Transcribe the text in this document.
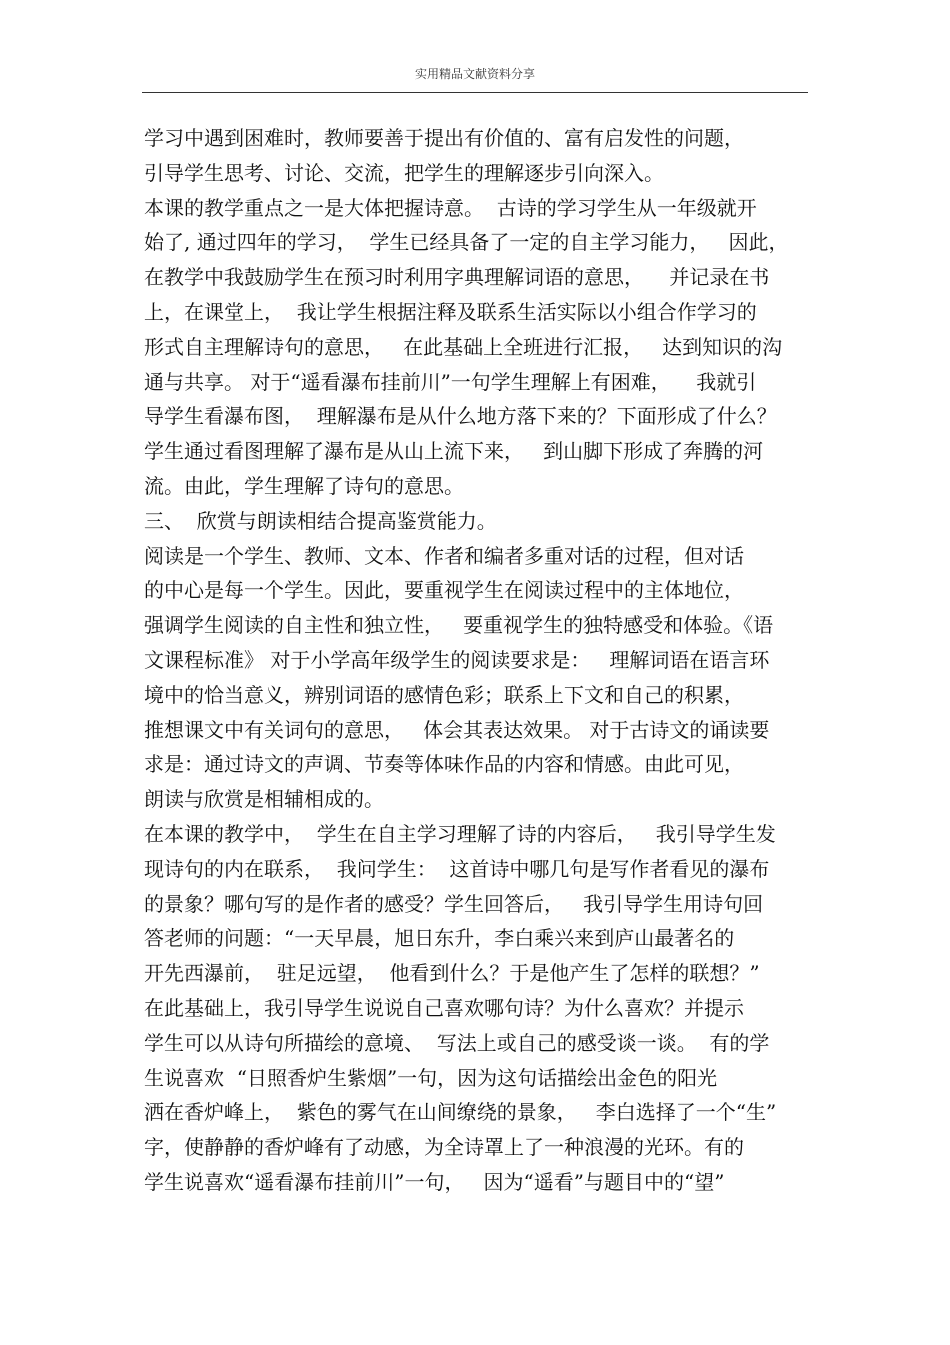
实用精品文献资料分享
学习中遇到困难时，教师要善于提出有价值的、富有启发性的问题，
引导学生思考、讨论、交流，把学生的理解逐步引向深入。
本课的教学重点之一是大体把握诗意。  古诗的学习学生从一年级就开
始了, 通过四年的学习，  学生已经具备了一定的自主学习能力，   因此，
在教学中我鼓励学生在预习时利用字典理解词语的意思，    并记录在书
上，在课堂上，  我让学生根据注释及联系生活实际以小组合作学习的
形式自主理解诗句的意思，   在此基础上全班进行汇报，   达到知识的沟
通与共享。 对于“遥看瀑布挂前川”一句学生理解上有困难，    我就引
导学生看瀑布图，  理解瀑布是从什么地方落下来的？下面形成了什么？
学生通过看图理解了瀑布是从山上流下来，   到山脚下形成了奔腾的河
流。由此，学生理解了诗句的意思。
三、  欣赏与朗读相结合提高鉴赏能力。
阅读是一个学生、教师、文本、作者和编者多重对话的过程，但对话
的中心是每一个学生。因此，要重视学生在阅读过程中的主体地位，
强调学生阅读的自主性和独立性，   要重视学生的独特感受和体验。《语
文课程标准》 对于小学高年级学生的阅读要求是：   理解词语在语言环
境中的恰当意义，辨别词语的感情色彩；联系上下文和自己的积累，
推想课文中有关词句的意思，   体会其表达效果。 对于古诗文的诵读要
求是：通过诗文的声调、节奏等体味作品的内容和情感。由此可见，
朗读与欣赏是相辅相成的。
在本课的教学中，  学生在自主学习理解了诗的内容后，   我引导学生发
现诗句的内在联系，  我问学生：  这首诗中哪几句是写作者看见的瀑布
的景象？哪句写的是作者的感受？学生回答后，   我引导学生用诗句回
答老师的问题：“一天早晨，旭日东升，李白乘兴来到庐山最著名的
开先西瀑前，  驻足远望，  他看到什么？于是他产生了怎样的联想？”
在此基础上，我引导学生说说自己喜欢哪句诗？为什么喜欢？并提示
学生可以从诗句所描绘的意境、  写法上或自己的感受谈一谈。  有的学
生说喜欢  “日照香炉生紫烟”一句，因为这句话描绘出金色的阳光
洒在香炉峰上，  紫色的雾气在山间缭绕的景象，   李白选择了一个“生”
字，使静静的香炉峰有了动感，为全诗罩上了一种浪漫的光环。有的
学生说喜欢“遥看瀑布挂前川”一句，   因为“遥看”与题目中的“望”
